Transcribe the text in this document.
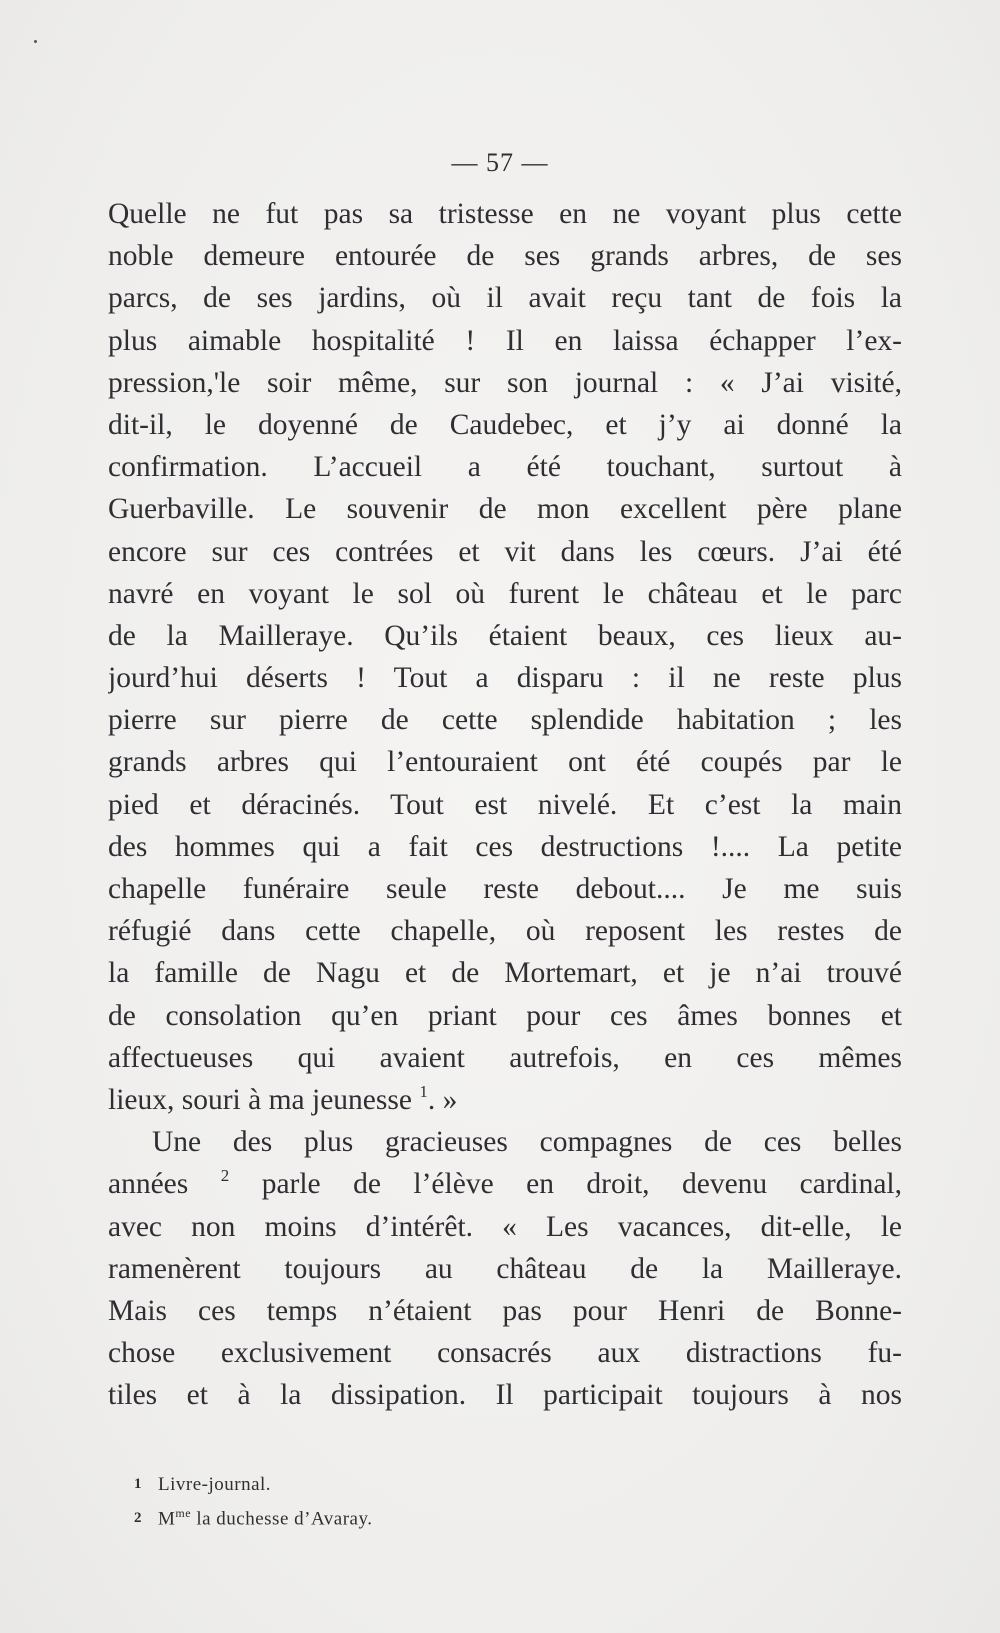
— 57 —
Quelle ne fut pas sa tristesse en ne voyant plus cette
noble demeure entourée de ses grands arbres, de ses
parcs, de ses jardins, où il avait reçu tant de fois la
plus aimable hospitalité ! Il en laissa échapper l’ex-
pression,'le soir même, sur son journal : « J’ai visité,
dit-il, le doyenné de Caudebec, et j’y ai donné la
confirmation. L’accueil a été touchant, surtout à
Guerbaville. Le souvenir de mon excellent père plane
encore sur ces contrées et vit dans les cœurs. J’ai été
navré en voyant le sol où furent le château et le parc
de la Mailleraye. Qu’ils étaient beaux, ces lieux au-
jourd’hui déserts ! Tout a disparu : il ne reste plus
pierre sur pierre de cette splendide habitation ; les
grands arbres qui l’entouraient ont été coupés par le
pied et déracinés. Tout est nivelé. Et c’est la main
des hommes qui a fait ces destructions !.... La petite
chapelle funéraire seule reste debout.... Je me suis
réfugié dans cette chapelle, où reposent les restes de
la famille de Nagu et de Mortemart, et je n’ai trouvé
de consolation qu’en priant pour ces âmes bonnes et
affectueuses qui avaient autrefois, en ces mêmes
lieux, souri à ma jeunesse $^1$. »
Une des plus gracieuses compagnes de ces belles
années $^2$ parle de l’élève en droit, devenu cardinal,
avec non moins d’intérêt. « Les vacances, dit-elle, le
ramenèrent toujours au château de la Mailleraye.
Mais ces temps n’étaient pas pour Henri de Bonne-
chose exclusivement consacrés aux distractions fu-
tiles et à la dissipation. Il participait toujours à nos
1 Livre-journal.
2 $M^{me}$ la duchesse d’Avaray.
